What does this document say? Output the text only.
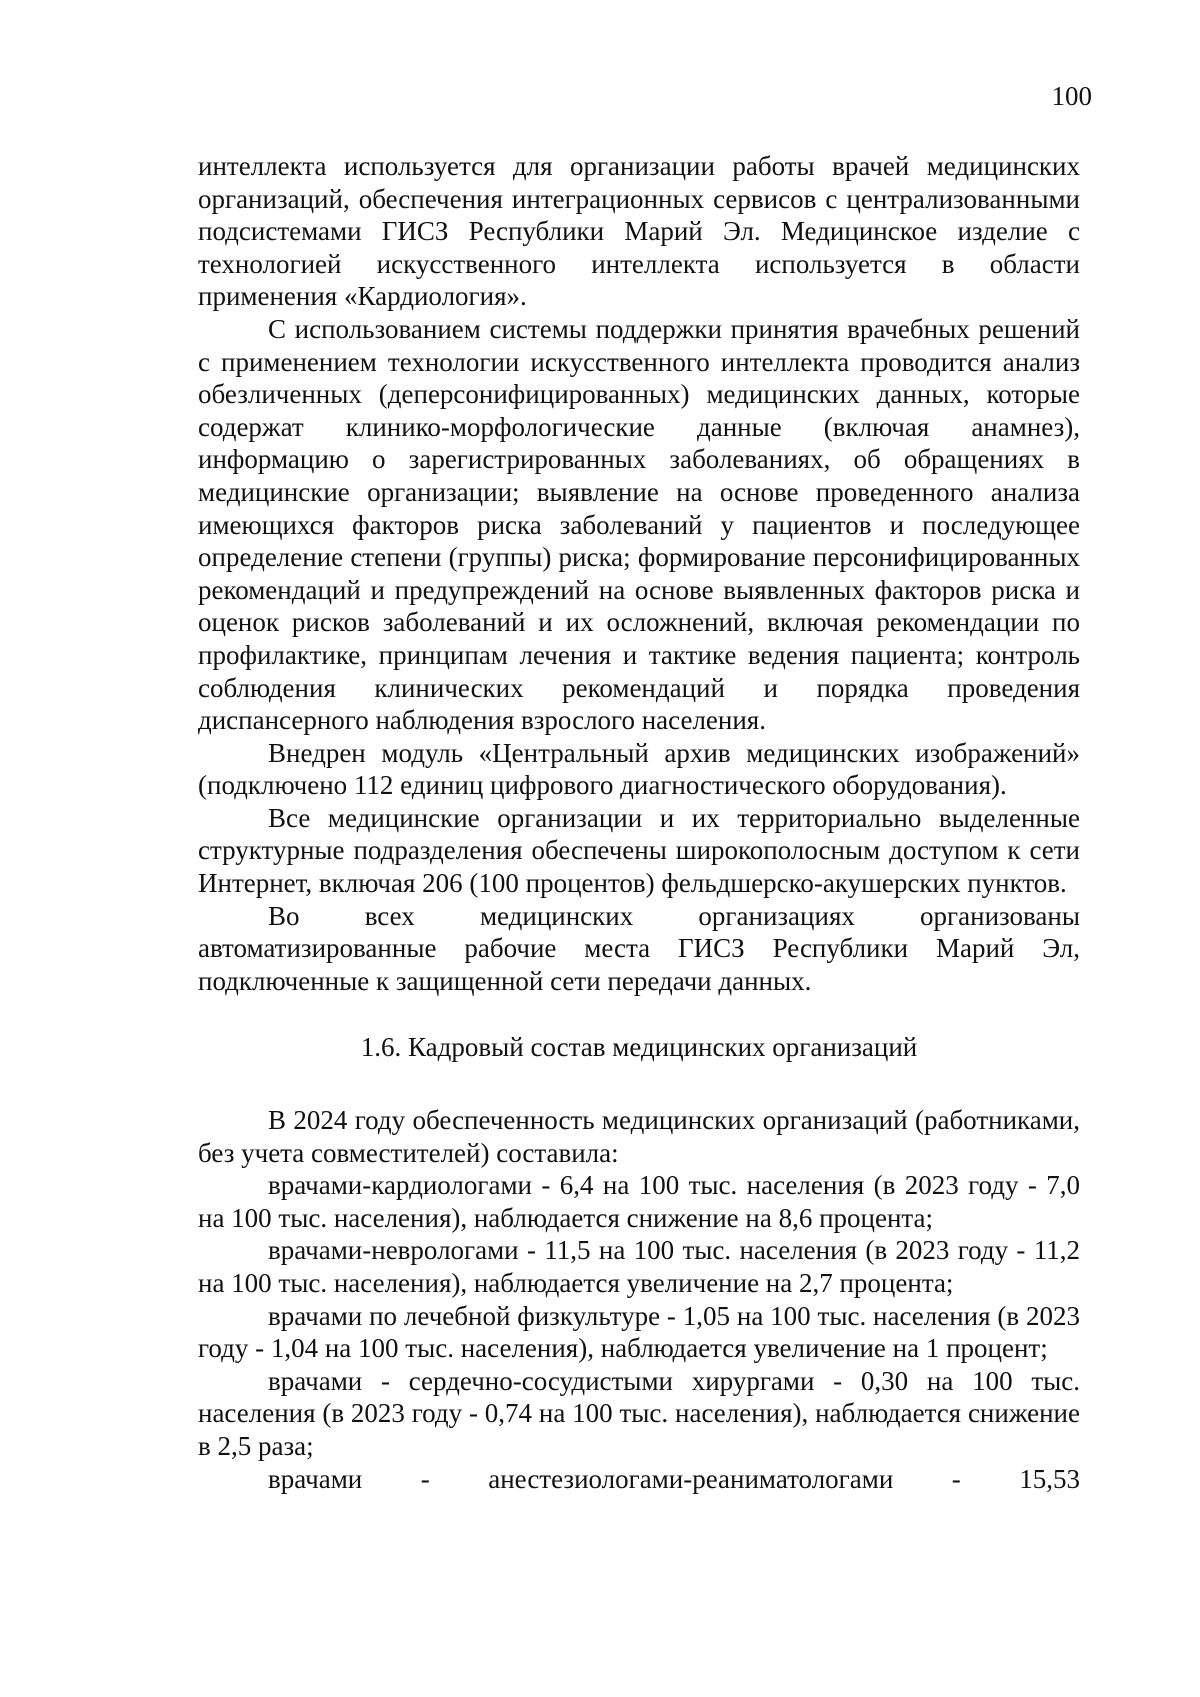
100

интеллекта используется для организации работы врачей медицинских организаций, обеспечения интеграционных сервисов с централизованными подсистемами ГИСЗ Республики Марий Эл. Медицинское изделие с технологией искусственного интеллекта используется в области применения «Кардиология».

С использованием системы поддержки принятия врачебных решений с применением технологии искусственного интеллекта проводится анализ обезличенных (деперсонифицированных) медицинских данных, которые содержат клинико-морфологические данные (включая анамнез), информацию о зарегистрированных заболеваниях, об обращениях в медицинские организации; выявление на основе проведенного анализа имеющихся факторов риска заболеваний у пациентов и последующее определение степени (группы) риска; формирование персонифицированных рекомендаций и предупреждений на основе выявленных факторов риска и оценок рисков заболеваний и их осложнений, включая рекомендации по профилактике, принципам лечения и тактике ведения пациента; контроль соблюдения клинических рекомендаций и порядка проведения диспансерного наблюдения взрослого населения.

Внедрен модуль «Центральный архив медицинских изображений» (подключено 112 единиц цифрового диагностического оборудования).

Все медицинские организации и их территориально выделенные структурные подразделения обеспечены широкополосным доступом к сети Интернет, включая 206 (100 процентов) фельдшерско-акушерских пунктов.

Во всех медицинских организациях организованы автоматизированные рабочие места ГИСЗ Республики Марий Эл, подключенные к защищенной сети передачи данных.

1.6. Кадровый состав медицинских организаций

В 2024 году обеспеченность медицинских организаций (работниками, без учета совместителей) составила:

врачами-кардиологами - 6,4 на 100 тыс. населения (в 2023 году - 7,0 на 100 тыс. населения), наблюдается снижение на 8,6 процента;

врачами-неврологами - 11,5 на 100 тыс. населения (в 2023 году - 11,2 на 100 тыс. населения), наблюдается увеличение на 2,7 процента;

врачами по лечебной физкультуре - 1,05 на 100 тыс. населения (в 2023 году - 1,04 на 100 тыс. населения), наблюдается увеличение на 1 процент;

врачами - сердечно-сосудистыми хирургами - 0,30 на 100 тыс. населения (в 2023 году - 0,74 на 100 тыс. населения), наблюдается снижение в 2,5 раза;

врачами - анестезиологами-реаниматологами - 15,53
